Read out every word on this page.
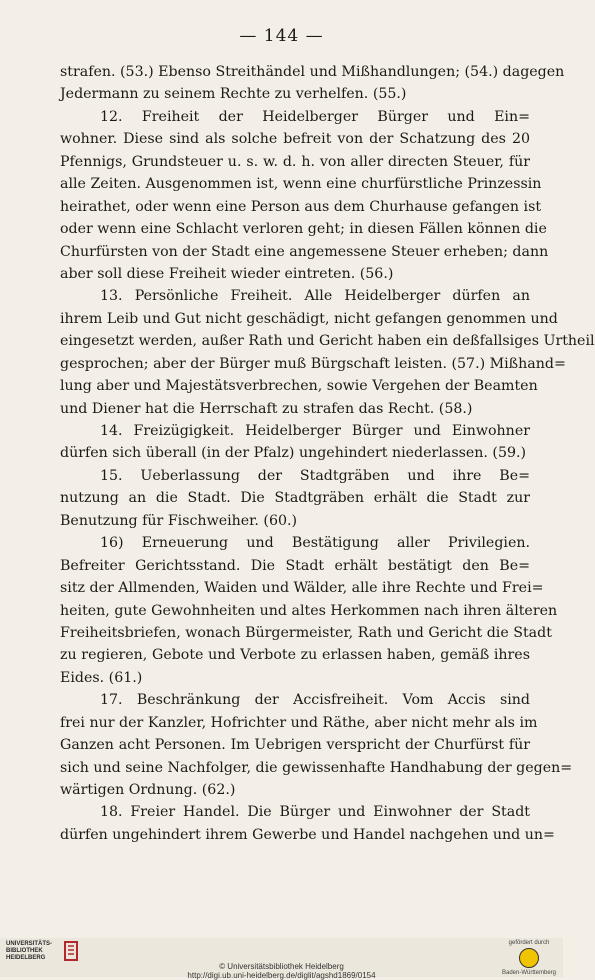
— 144 —
strafen. (53.) Ebenso Streithändel und Mißhandlungen; (54.) dagegen
Jedermann zu seinem Rechte zu verhelfen. (55.)
12. Freiheit der Heidelberger Bürger und Ein=
wohner. Diese sind als solche befreit von der Schatzung des 20
Pfennigs, Grundsteuer u. s. w. d. h. von aller directen Steuer, für
alle Zeiten. Ausgenommen ist, wenn eine churfürstliche Prinzessin
heirathet, oder wenn eine Person aus dem Churhause gefangen ist
oder wenn eine Schlacht verloren geht; in diesen Fällen können die
Churfürsten von der Stadt eine angemessene Steuer erheben; dann
aber soll diese Freiheit wieder eintreten. (56.)
13. Persönliche Freiheit. Alle Heidelberger dürfen an
ihrem Leib und Gut nicht geschädigt, nicht gefangen genommen und
eingesetzt werden, außer Rath und Gericht haben ein deßfallsiges Urtheil
gesprochen; aber der Bürger muß Bürgschaft leisten. (57.) Mißhand=
lung aber und Majestätsverbrechen, sowie Vergehen der Beamten
und Diener hat die Herrschaft zu strafen das Recht. (58.)
14. Freizügigkeit. Heidelberger Bürger und Einwohner
dürfen sich überall (in der Pfalz) ungehindert niederlassen. (59.)
15. Ueberlassung der Stadtgräben und ihre Be=
nutzung an die Stadt. Die Stadtgräben erhält die Stadt zur
Benutzung für Fischweiher. (60.)
16) Erneuerung und Bestätigung aller Privilegien.
Befreiter Gerichtsstand. Die Stadt erhält bestätigt den Be=
sitz der Allmenden, Waiden und Wälder, alle ihre Rechte und Frei=
heiten, gute Gewohnheiten und altes Herkommen nach ihren älteren
Freiheitsbriefen, wonach Bürgermeister, Rath und Gericht die Stadt
zu regieren, Gebote und Verbote zu erlassen haben, gemäß ihres
Eides. (61.)
17. Beschränkung der Accisfreiheit. Vom Accis sind
frei nur der Kanzler, Hofrichter und Räthe, aber nicht mehr als im
Ganzen acht Personen. Im Uebrigen verspricht der Churfürst für
sich und seine Nachfolger, die gewissenhafte Handhabung der gegen=
wärtigen Ordnung. (62.)
18. Freier Handel. Die Bürger und Einwohner der Stadt
dürfen ungehindert ihrem Gewerbe und Handel nachgehen und un=
UNIVERSITÄTS- BIBLIOTHEK HEIDELBERG
© Universitätsbibliothek Heidelberg
http://digi.ub.uni-heidelberg.de/diglit/agshd1869/0154
gefördert durch
Baden-Württemberg
